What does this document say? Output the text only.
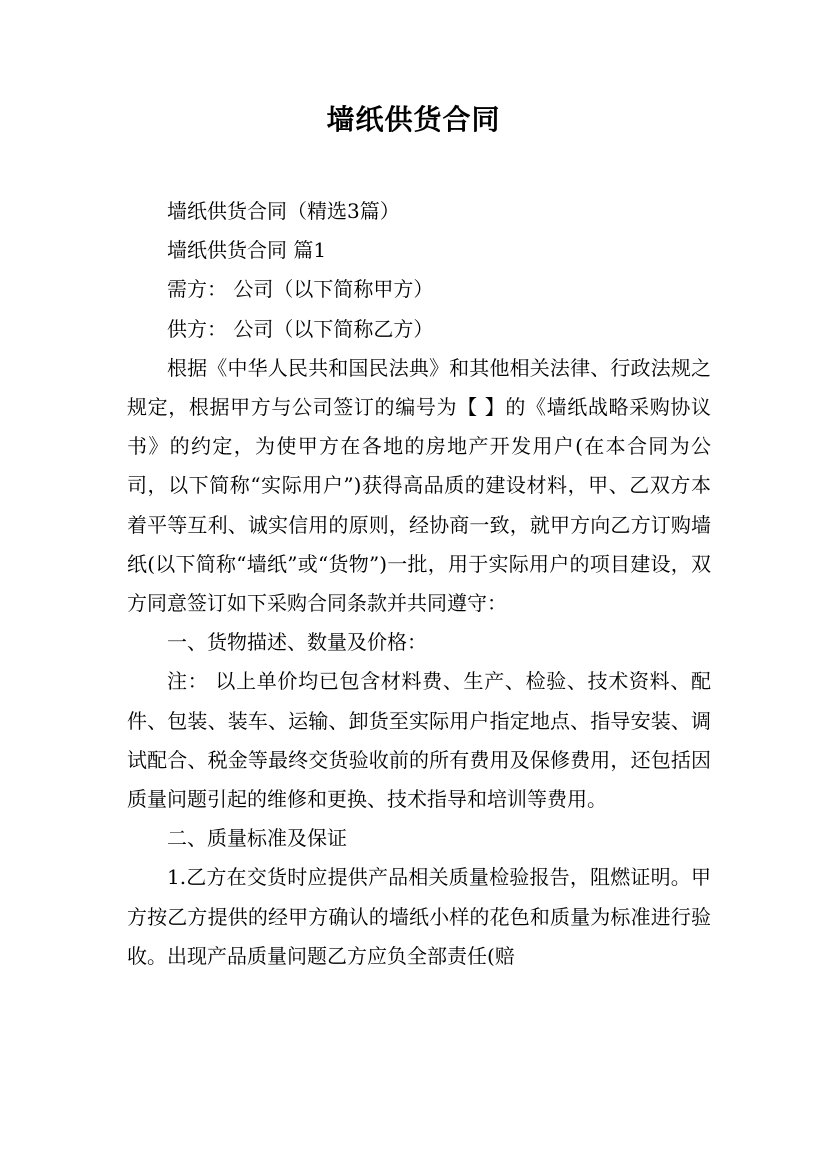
墙纸供货合同

墙纸供货合同（精选3篇）

墙纸供货合同 篇1

需方： 公司（以下简称甲方）

供方： 公司（以下简称乙方）

根据《中华人民共和国民法典》和其他相关法律、行政法规之规定，根据甲方与公司签订的编号为【 】的《墙纸战略采购协议书》的约定，为使甲方在各地的房地产开发用户(在本合同为公司，以下简称“实际用户”)获得高品质的建设材料，甲、乙双方本着平等互利、诚实信用的原则，经协商一致，就甲方向乙方订购墙纸(以下简称“墙纸”或“货物”)一批，用于实际用户的项目建设，双方同意签订如下采购合同条款并共同遵守：

一、货物描述、数量及价格：

注： 以上单价均已包含材料费、生产、检验、技术资料、配件、包装、装车、运输、卸货至实际用户指定地点、指导安装、调试配合、税金等最终交货验收前的所有费用及保修费用，还包括因质量问题引起的维修和更换、技术指导和培训等费用。

二、质量标准及保证

1.乙方在交货时应提供产品相关质量检验报告，阻燃证明。甲方按乙方提供的经甲方确认的墙纸小样的花色和质量为标准进行验收。出现产品质量问题乙方应负全部责任(赔
